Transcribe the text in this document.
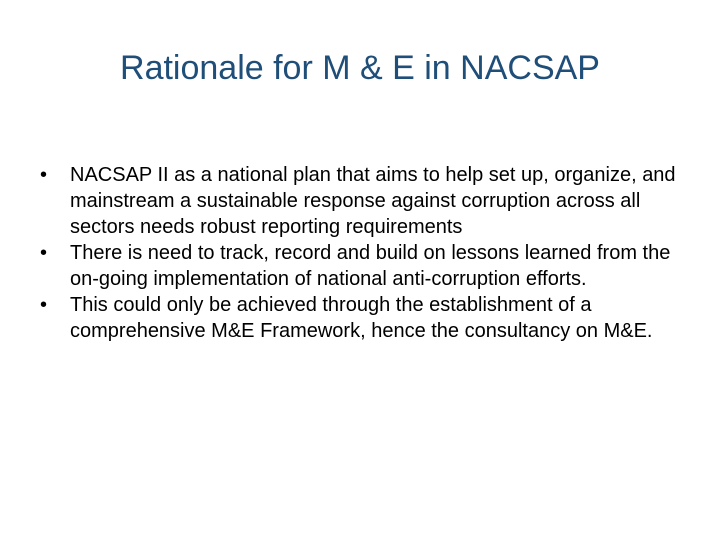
Rationale for M & E in NACSAP
•	NACSAP II as a national plan that aims to help set up, organize, and mainstream a sustainable response against corruption across all sectors needs robust reporting requirements
•	There is need to track, record and build on lessons learned from the on-going implementation of national anti-corruption efforts.
•	This could only be achieved through the establishment of a comprehensive M&E Framework, hence the consultancy on M&E.
